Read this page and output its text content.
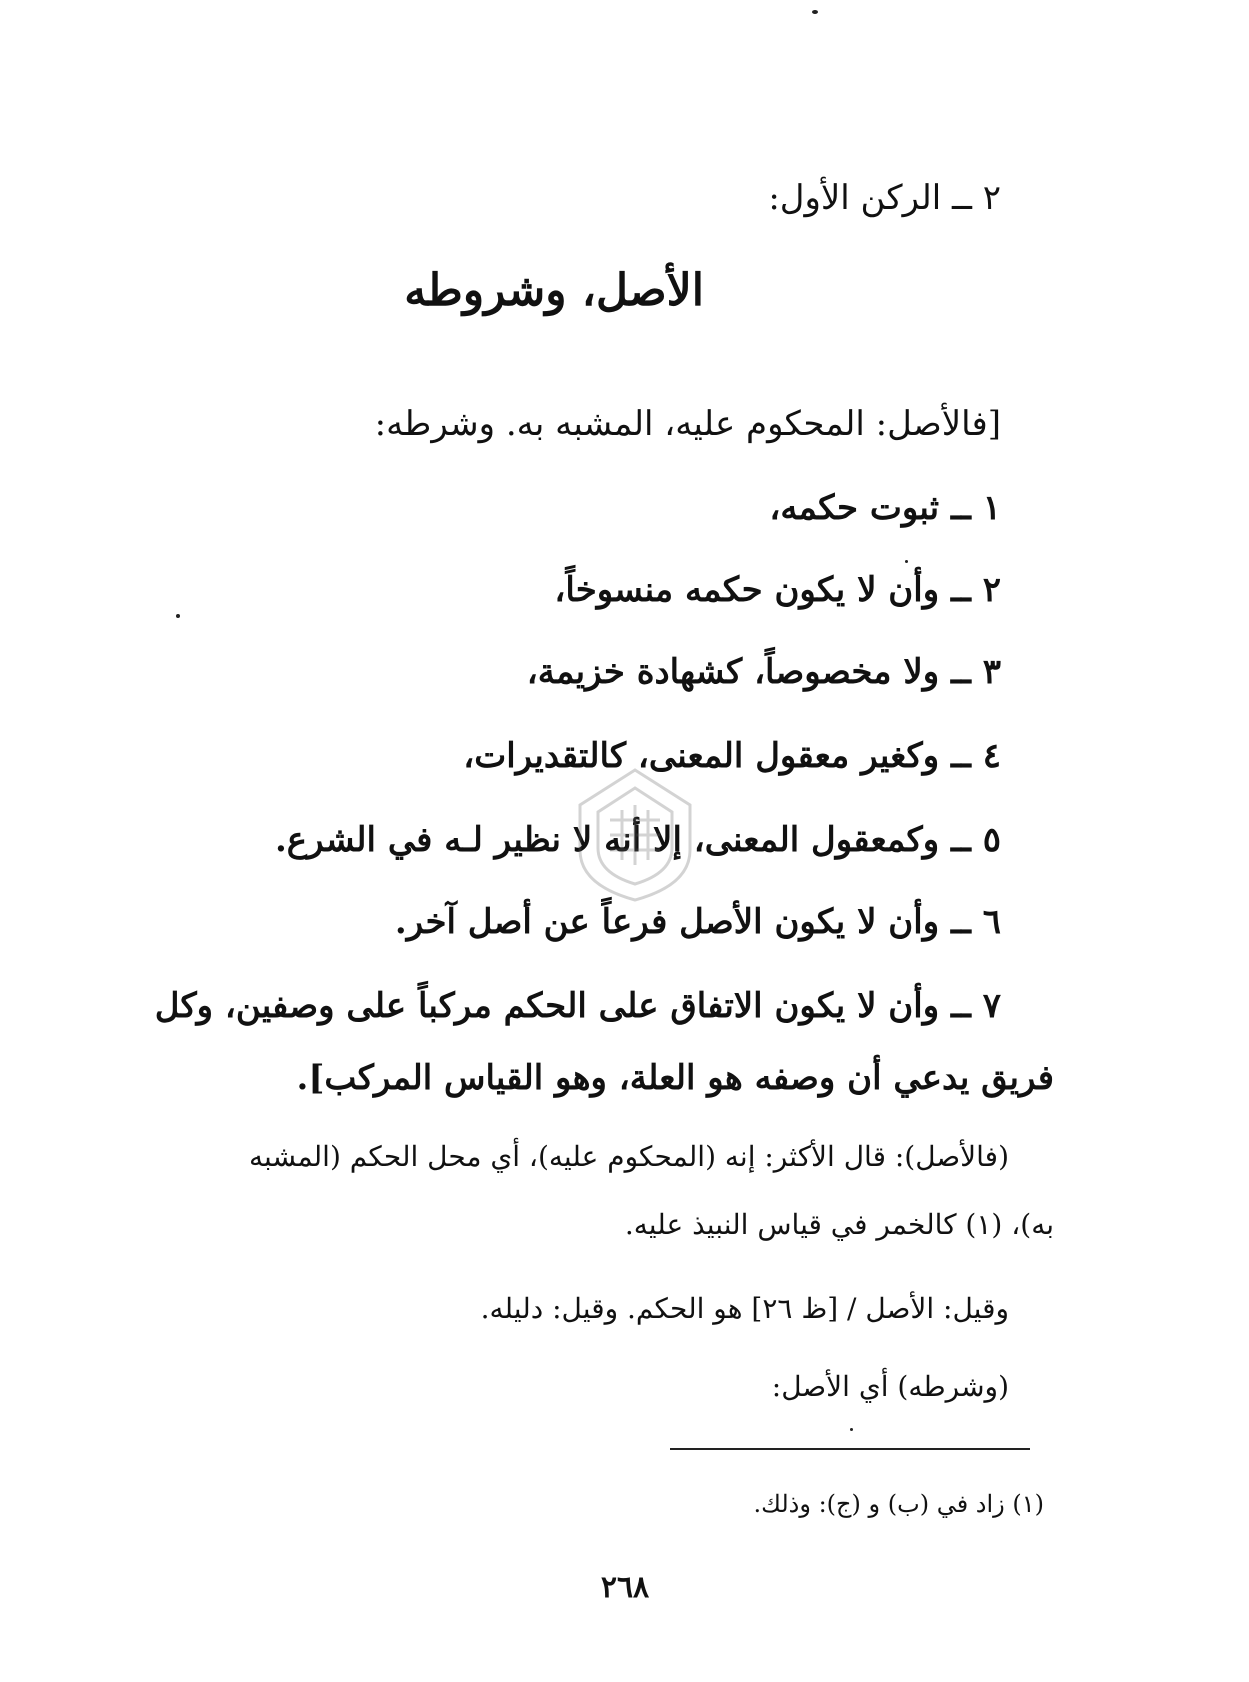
٢ ــ الركن الأول:
الأصل، وشروطه
[فالأصل: المحكوم عليه، المشبه به. وشرطه:
١ ــ ثبوت حكمه،
٢ ــ وأن لا يكون حكمه منسوخاً،
٣ ــ ولا مخصوصاً، كشهادة خزيمة،
٤ ــ وكغير معقول المعنى، كالتقديرات،
٥ ــ وكمعقول المعنى، إلا أنه لا نظير لـه في الشرع.
٦ ــ وأن لا يكون الأصل فرعاً عن أصل آخر.
٧ ــ وأن لا يكون الاتفاق على الحكم مركباً على وصفين، وكل
فريق يدعي أن وصفه هو العلة، وهو القياس المركب].
(فالأصل): قال الأكثر: إنه (المحكوم عليه)، أي محل الحكم (المشبه
به)، (١) كالخمر في قياس النبيذ عليه.
وقيل: الأصل / [ظ ٢٦] هو الحكم. وقيل: دليله.
(وشرطه) أي الأصل:
(١) زاد في (ب) و (ج): وذلك.
٢٦٨
